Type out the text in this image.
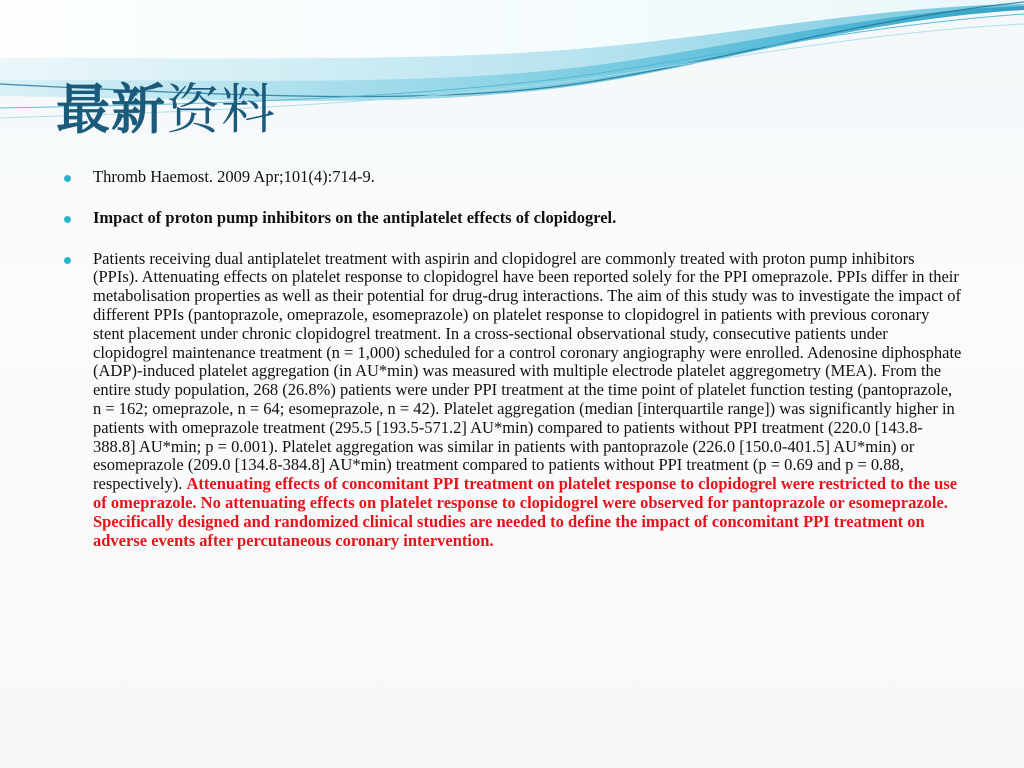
最新资料
Thromb Haemost. 2009 Apr;101(4):714-9.
Impact of proton pump inhibitors on the antiplatelet effects of clopidogrel.
Patients receiving dual antiplatelet treatment with aspirin and clopidogrel are commonly treated with proton pump inhibitors (PPIs). Attenuating effects on platelet response to clopidogrel have been reported solely for the PPI omeprazole. PPIs differ in their metabolisation properties as well as their potential for drug-drug interactions. The aim of this study was to investigate the impact of different PPIs (pantoprazole, omeprazole, esomeprazole) on platelet response to clopidogrel in patients with previous coronary stent placement under chronic clopidogrel treatment. In a cross-sectional observational study, consecutive patients under clopidogrel maintenance treatment (n = 1,000) scheduled for a control coronary angiography were enrolled. Adenosine diphosphate (ADP)-induced platelet aggregation (in AU*min) was measured with multiple electrode platelet aggregometry (MEA). From the entire study population, 268 (26.8%) patients were under PPI treatment at the time point of platelet function testing (pantoprazole, n = 162; omeprazole, n = 64; esomeprazole, n = 42). Platelet aggregation (median [interquartile range]) was significantly higher in patients with omeprazole treatment (295.5 [193.5-571.2] AU*min) compared to patients without PPI treatment (220.0 [143.8-388.8] AU*min; p = 0.001). Platelet aggregation was similar in patients with pantoprazole (226.0 [150.0-401.5] AU*min) or esomeprazole (209.0 [134.8-384.8] AU*min) treatment compared to patients without PPI treatment (p = 0.69 and p = 0.88, respectively). Attenuating effects of concomitant PPI treatment on platelet response to clopidogrel were restricted to the use of omeprazole. No attenuating effects on platelet response to clopidogrel were observed for pantoprazole or esomeprazole. Specifically designed and randomized clinical studies are needed to define the impact of concomitant PPI treatment on adverse events after percutaneous coronary intervention.
